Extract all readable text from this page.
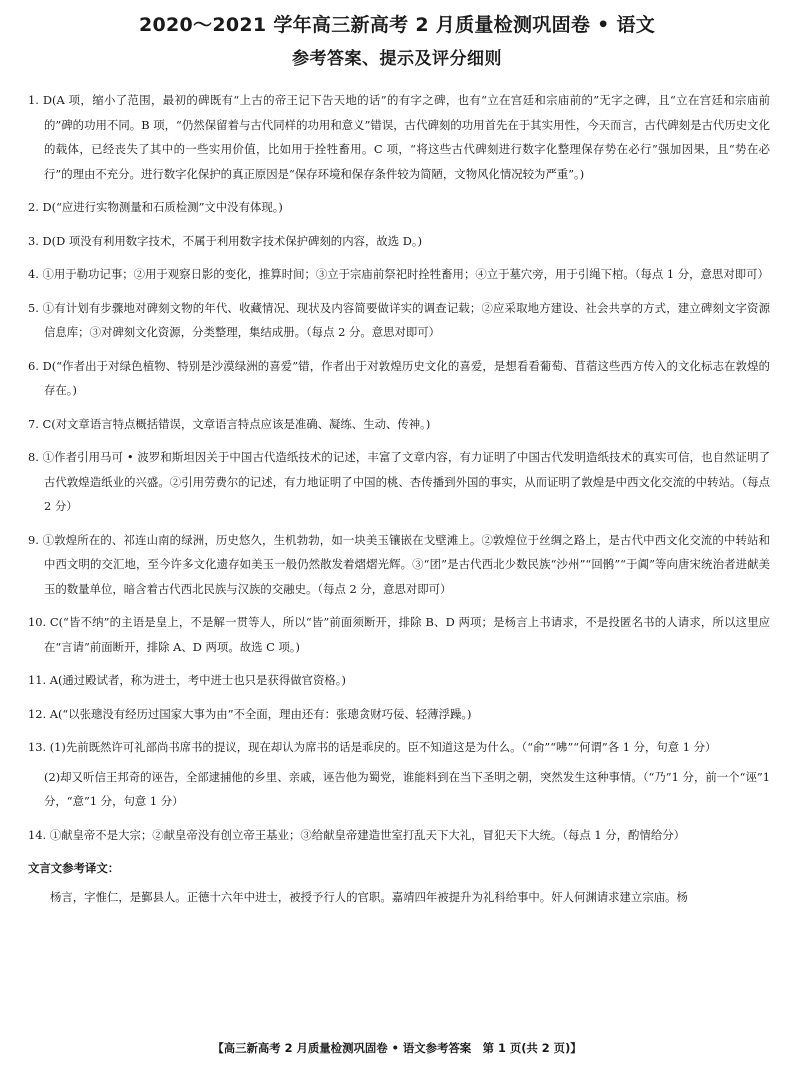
2020～2021 学年高三新高考 2 月质量检测巩固卷 • 语文
参考答案、提示及评分细则

1. D(A 项，缩小了范围，最初的碑既有“上古的帝王记下告天地的话”的有字之碑，也有“立在宫廷和宗庙前的”无字之碑，且“立在宫廷和宗庙前的”碑的功用不同。B 项，“仍然保留着与古代同样的功用和意义”错误，古代碑刻的功用首先在于其实用性，今天而言，古代碑刻是古代历史文化的载体，已经丧失了其中的一些实用价值，比如用于拴牲畜用。C 项，“将这些古代碑刻进行数字化整理保存势在必行”强加因果，且“势在必行”的理由不充分。进行数字化保护的真正原因是“保存环境和保存条件较为简陋，文物风化情况较为严重”。)

2. D(“应进行实物测量和石质检测”文中没有体现。)

3. D(D 项没有利用数字技术，不属于利用数字技术保护碑刻的内容，故选 D。)

4. ①用于勒功记事；②用于观察日影的变化，推算时间；③立于宗庙前祭祀时拴牲畜用；④立于墓穴旁，用于引绳下棺。（每点 1 分，意思对即可）

5. ①有计划有步骤地对碑刻文物的年代、收藏情况、现状及内容简要做详实的调查记载；②应采取地方建设、社会共享的方式，建立碑刻文字资源信息库；③对碑刻文化资源，分类整理，集结成册。（每点 2 分。意思对即可）

6. D(“作者出于对绿色植物、特别是沙漠绿洲的喜爱”错，作者出于对敦煌历史文化的喜爱，是想看看葡萄、苜蓿这些西方传入的文化标志在敦煌的存在。)

7. C(对文章语言特点概括错误，文章语言特点应该是准确、凝练、生动、传神。)

8. ①作者引用马可 • 波罗和斯坦因关于中国古代造纸技术的记述，丰富了文章内容，有力证明了中国古代发明造纸技术的真实可信，也自然证明了古代敦煌造纸业的兴盛。②引用劳费尔的记述，有力地证明了中国的桃、杏传播到外国的事实，从而证明了敦煌是中西文化交流的中转站。（每点 2 分）

9. ①敦煌所在的、祁连山南的绿洲，历史悠久，生机勃勃，如一块美玉镶嵌在戈壁滩上。②敦煌位于丝绸之路上，是古代中西文化交流的中转站和中西文明的交汇地，至今许多文化遗存如美玉一般仍然散发着熠熠光辉。③“团”是古代西北少数民族“沙州”“回鹘”“于阗”等向唐宋统治者进献美玉的数量单位，暗含着古代西北民族与汉族的交融史。（每点 2 分，意思对即可）

10. C(“皆不纳”的主语是皇上，不是解一贯等人，所以“皆”前面须断开，排除 B、D 两项；是杨言上书请求，不是投匿名书的人请求，所以这里应在“言请”前面断开，排除 A、D 两项。故选 C 项。)

11. A(通过殿试者，称为进士，考中进士也只是获得做官资格。)

12. A(“以张璁没有经历过国家大事为由”不全面，理由还有：张璁贪财巧佞、轻薄浮躁。)

13. (1)先前既然许可礼部尚书席书的提议，现在却认为席书的话是乖戾的。臣不知道这是为什么。（“俞”“咈”“何谓”各 1 分，句意 1 分）

(2)却又听信王邦奇的诬告，全部逮捕他的乡里、亲戚，诬告他为蜀党，谁能料到在当下圣明之朝，突然发生这种事情。（“乃”1 分，前一个“诬”1 分，“意”1 分，句意 1 分）

14. ①献皇帝不是大宗；②献皇帝没有创立帝王基业；③给献皇帝建造世室打乱天下大礼，冒犯天下大统。（每点 1 分，酌情给分）

文言文参考译文：

杨言，字惟仁，是鄞县人。正德十六年中进士，被授予行人的官职。嘉靖四年被提升为礼科给事中。奸人何渊请求建立宗庙。杨

【高三新高考 2 月质量检测巩固卷 • 语文参考答案　第 1 页(共 2 页)】
